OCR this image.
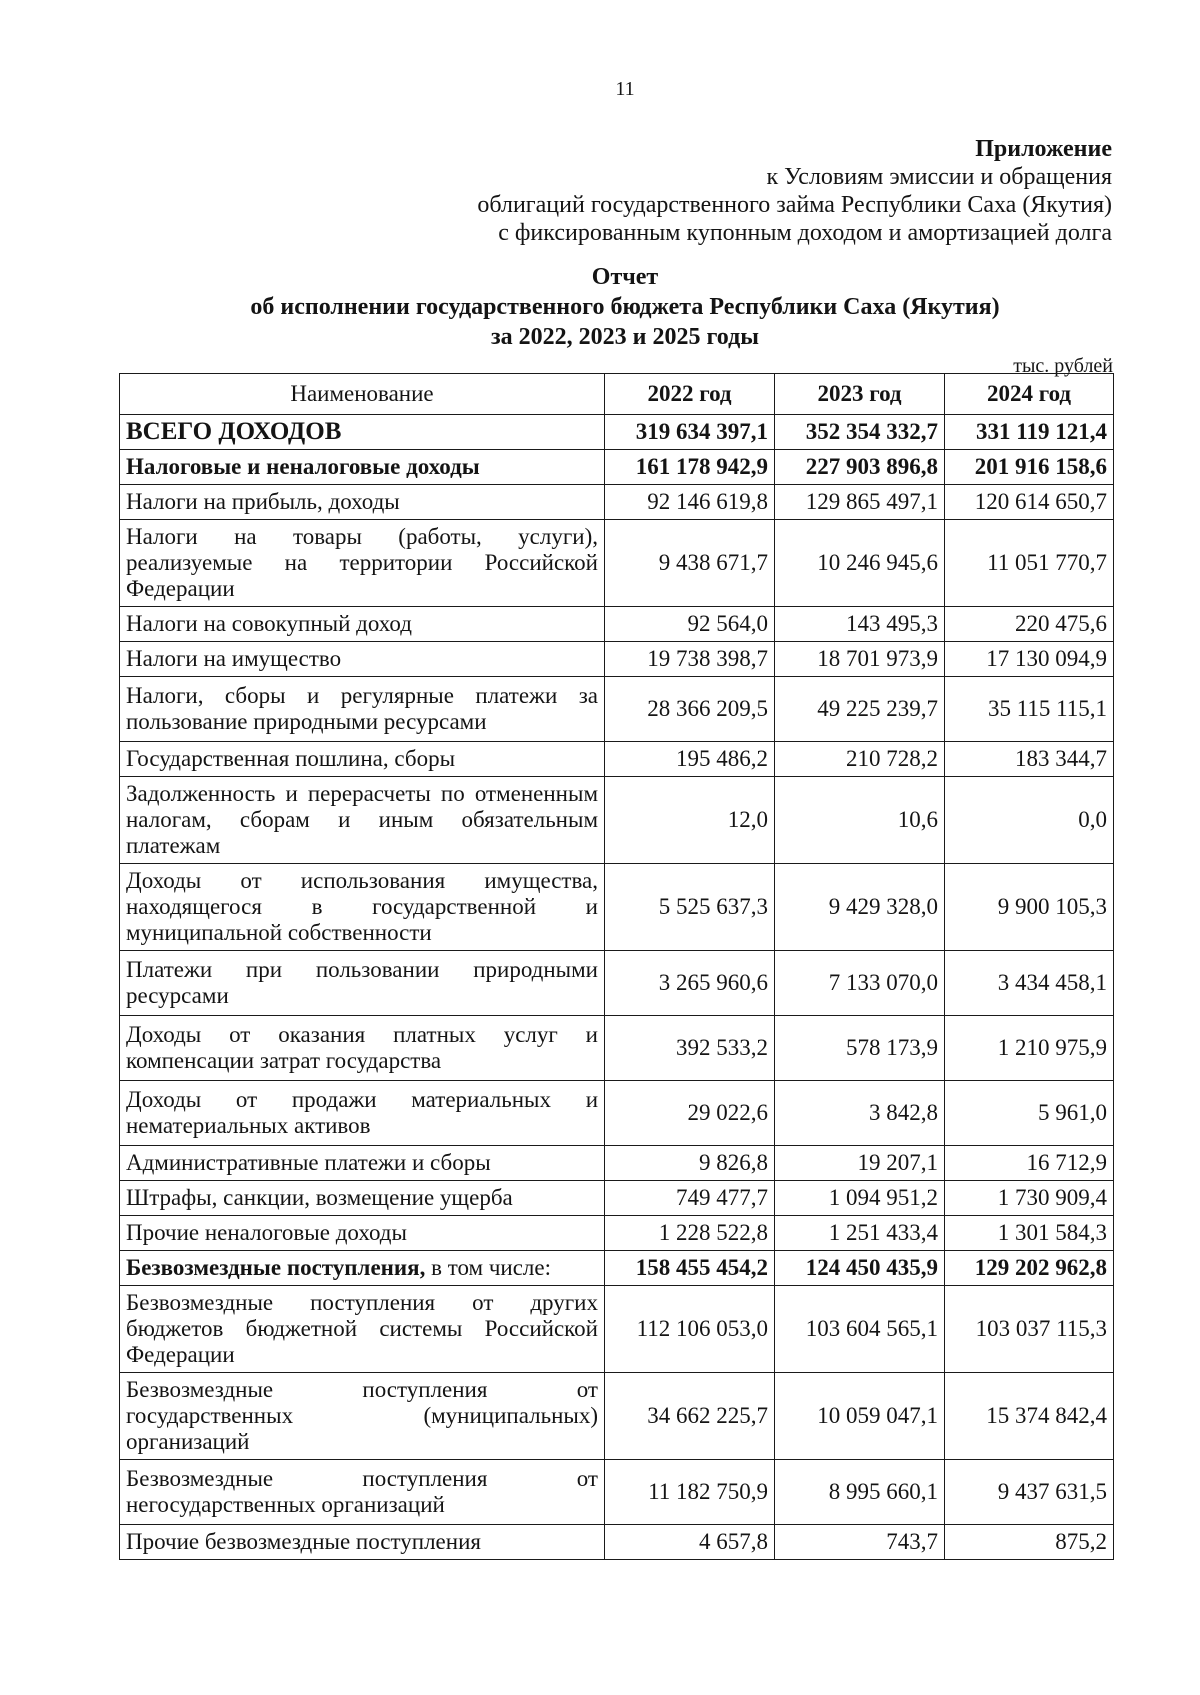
11
Приложение
к Условиям эмиссии и обращения
облигаций государственного займа Республики Саха (Якутия)
с фиксированным купонным доходом и амортизацией долга
Отчет
об исполнении государственного бюджета Республики Саха (Якутия)
за 2022, 2023 и 2025 годы
тыс. рублей
Наименование	2022 год	2023 год	2024 год
ВСЕГО ДОХОДОВ	319 634 397,1	352 354 332,7	331 119 121,4
Налоговые и неналоговые доходы	161 178 942,9	227 903 896,8	201 916 158,6
Налоги на прибыль, доходы	92 146 619,8	129 865 497,1	120 614 650,7
Налоги на товары (работы, услуги), реализуемые на территории Российской Федерации	9 438 671,7	10 246 945,6	11 051 770,7
Налоги на совокупный доход	92 564,0	143 495,3	220 475,6
Налоги на имущество	19 738 398,7	18 701 973,9	17 130 094,9
Налоги, сборы и регулярные платежи за пользование природными ресурсами	28 366 209,5	49 225 239,7	35 115 115,1
Государственная пошлина, сборы	195 486,2	210 728,2	183 344,7
Задолженность и перерасчеты по отмененным налогам, сборам и иным обязательным платежам	12,0	10,6	0,0
Доходы от использования имущества, находящегося в государственной и муниципальной собственности	5 525 637,3	9 429 328,0	9 900 105,3
Платежи при пользовании природными ресурсами	3 265 960,6	7 133 070,0	3 434 458,1
Доходы от оказания платных услуг и компенсации затрат государства	392 533,2	578 173,9	1 210 975,9
Доходы от продажи материальных и нематериальных активов	29 022,6	3 842,8	5 961,0
Административные платежи и сборы	9 826,8	19 207,1	16 712,9
Штрафы, санкции, возмещение ущерба	749 477,7	1 094 951,2	1 730 909,4
Прочие неналоговые доходы	1 228 522,8	1 251 433,4	1 301 584,3
Безвозмездные поступления, в том числе:	158 455 454,2	124 450 435,9	129 202 962,8
Безвозмездные поступления от других бюджетов бюджетной системы Российской Федерации	112 106 053,0	103 604 565,1	103 037 115,3
Безвозмездные поступления от государственных (муниципальных) организаций	34 662 225,7	10 059 047,1	15 374 842,4
Безвозмездные поступления от негосударственных организаций	11 182 750,9	8 995 660,1	9 437 631,5
Прочие безвозмездные поступления	4 657,8	743,7	875,2
